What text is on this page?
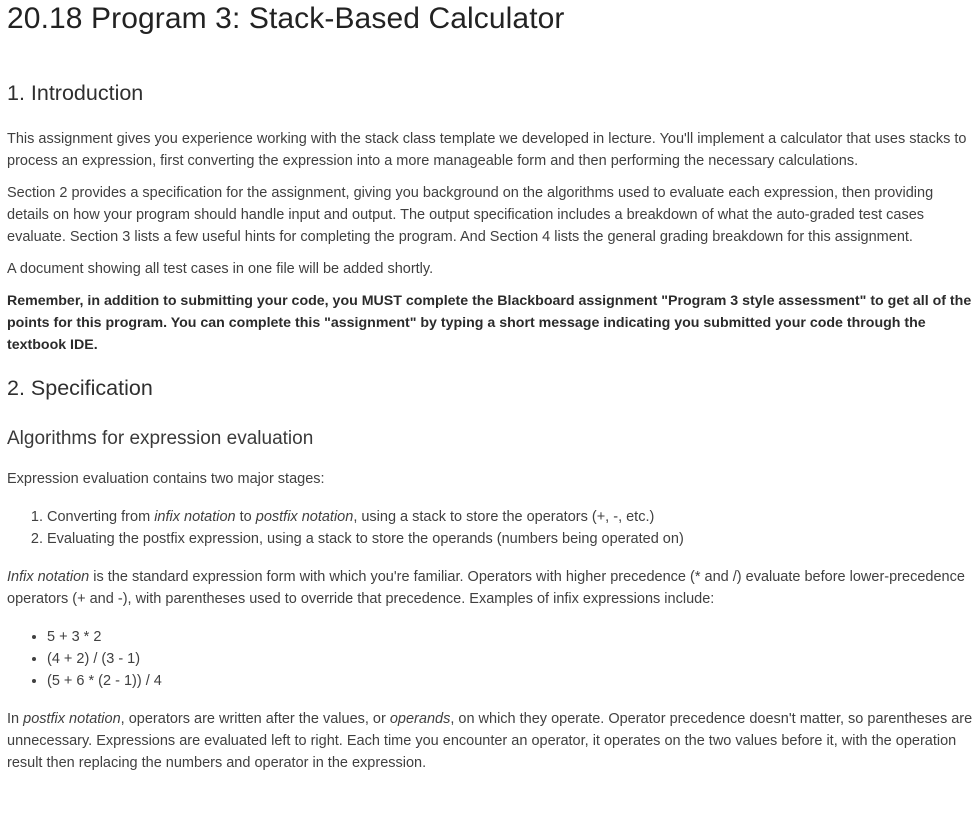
20.18 Program 3: Stack-Based Calculator
1. Introduction

This assignment gives you experience working with the stack class template we developed in lecture. You'll implement a calculator that uses stacks to process an expression, first converting the expression into a more manageable form and then performing the necessary calculations.

Section 2 provides a specification for the assignment, giving you background on the algorithms used to evaluate each expression, then providing details on how your program should handle input and output. The output specification includes a breakdown of what the auto-graded test cases evaluate. Section 3 lists a few useful hints for completing the program. And Section 4 lists the general grading breakdown for this assignment.

A document showing all test cases in one file will be added shortly.

Remember, in addition to submitting your code, you MUST complete the Blackboard assignment "Program 3 style assessment" to get all of the points for this program. You can complete this "assignment" by typing a short message indicating you submitted your code through the textbook IDE.

2. Specification
Algorithms for expression evaluation

Expression evaluation contains two major stages:

1. Converting from infix notation to postfix notation, using a stack to store the operators (+, -, etc.)
2. Evaluating the postfix expression, using a stack to store the operands (numbers being operated on)

Infix notation is the standard expression form with which you're familiar. Operators with higher precedence (* and /) evaluate before lower-precedence operators (+ and -), with parentheses used to override that precedence. Examples of infix expressions include:

• 5 + 3 * 2
• (4 + 2) / (3 - 1)
• (5 + 6 * (2 - 1)) / 4

In postfix notation, operators are written after the values, or operands, on which they operate. Operator precedence doesn't matter, so parentheses are unnecessary. Expressions are evaluated left to right. Each time you encounter an operator, it operates on the two values before it, with the operation result then replacing the numbers and operator in the expression.
